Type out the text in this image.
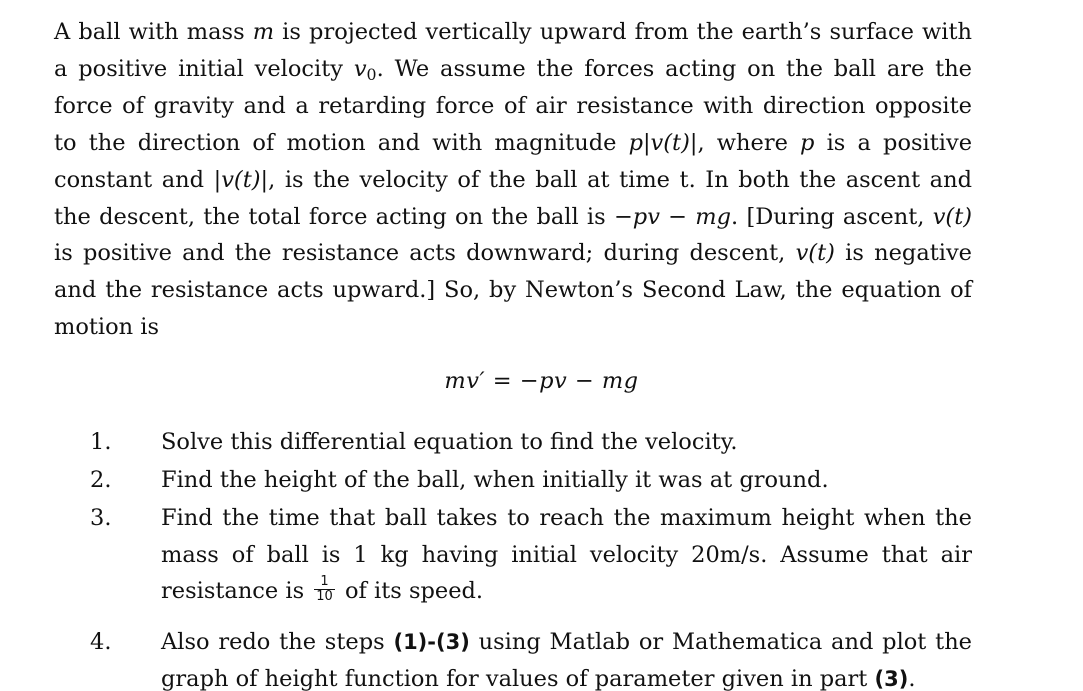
A ball with mass m is projected vertically upward from the earth’s surface with a positive initial velocity $v_0$. We assume the forces acting on the ball are the force of gravity and a retarding force of air resistance with direction opposite to the direction of motion and with magnitude p|v(t)|, where p is a positive constant and |v(t)|, is the velocity of the ball at time t. In both the ascent and the descent, the total force acting on the ball is −pv − mg. [During ascent, v(t) is positive and the resistance acts downward; during descent, v(t) is negative and the resistance acts upward.] So, by Newton’s Second Law, the equation of motion is

mv′ = −pv − mg
1. Solve this differential equation to find the velocity.
2. Find the height of the ball, when initially it was at ground.
3. Find the time that ball takes to reach the maximum height when the mass of ball is 1 kg having initial velocity 20m/s. Assume that air resistance is $\frac{1}{10}$ of its speed.
4. Also redo the steps (1)-(3) using Matlab or Mathematica and plot the graph of height function for values of parameter given in part (3).
